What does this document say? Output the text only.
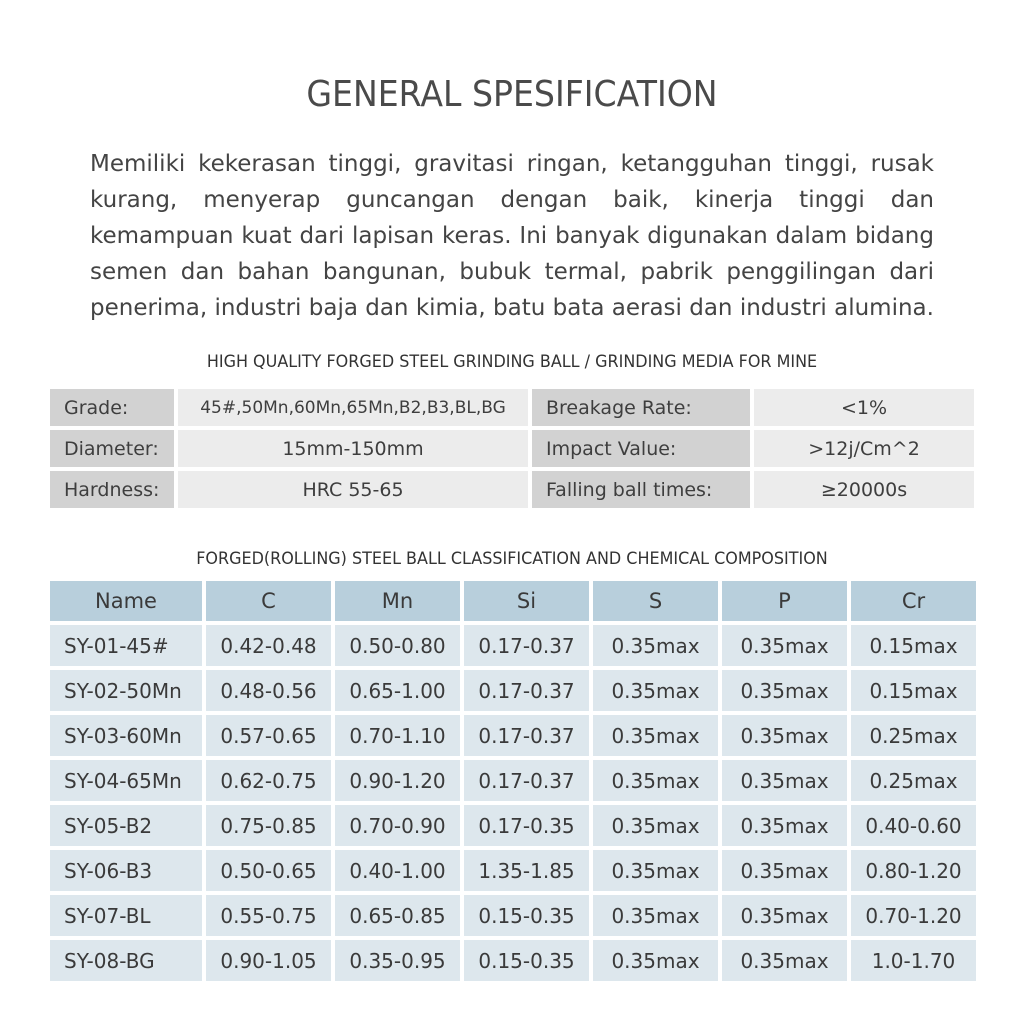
GENERAL SPESIFICATION
Memiliki kekerasan tinggi, gravitasi ringan, ketangguhan tinggi, rusak kurang, menyerap guncangan dengan baik, kinerja tinggi dan kemampuan kuat dari lapisan keras. Ini banyak digunakan dalam bidang semen dan bahan bangunan, bubuk termal, pabrik penggilingan dari penerima, industri baja dan kimia, batu bata aerasi dan industri alumina.
HIGH QUALITY FORGED STEEL GRINDING BALL / GRINDING MEDIA FOR MINE
Grade:	45#,50Mn,60Mn,65Mn,B2,B3,BL,BG	Breakage Rate:	<1%
Diameter:	15mm-150mm	Impact Value:	>12j/Cm^2
Hardness:	HRC 55-65	Falling ball times:	≥20000s
FORGED(ROLLING) STEEL BALL CLASSIFICATION AND CHEMICAL COMPOSITION
Name	C	Mn	Si	S	P	Cr
SY-01-45#	0.42-0.48	0.50-0.80	0.17-0.37	0.35max	0.35max	0.15max
SY-02-50Mn	0.48-0.56	0.65-1.00	0.17-0.37	0.35max	0.35max	0.15max
SY-03-60Mn	0.57-0.65	0.70-1.10	0.17-0.37	0.35max	0.35max	0.25max
SY-04-65Mn	0.62-0.75	0.90-1.20	0.17-0.37	0.35max	0.35max	0.25max
SY-05-B2	0.75-0.85	0.70-0.90	0.17-0.35	0.35max	0.35max	0.40-0.60
SY-06-B3	0.50-0.65	0.40-1.00	1.35-1.85	0.35max	0.35max	0.80-1.20
SY-07-BL	0.55-0.75	0.65-0.85	0.15-0.35	0.35max	0.35max	0.70-1.20
SY-08-BG	0.90-1.05	0.35-0.95	0.15-0.35	0.35max	0.35max	1.0-1.70
